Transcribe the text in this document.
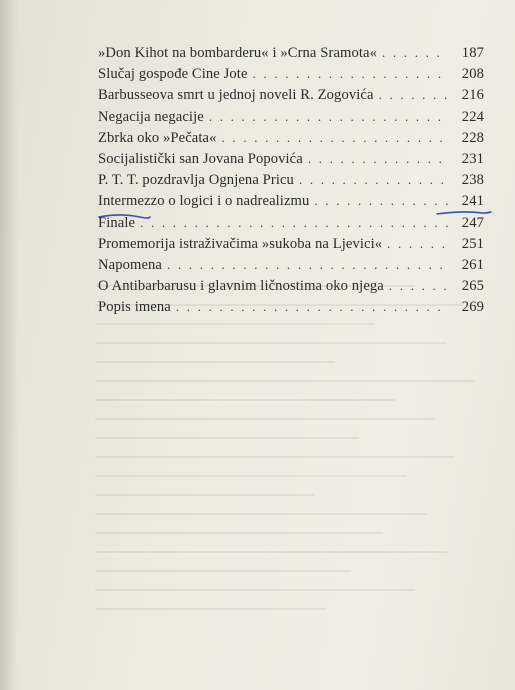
»Don Kihot na bombarderu« i »Crna Sramota« . . .	187
Slučaj gospođe Cine Jote . . .	208
Barbusseova smrt u jednoj noveli R. Zogovića . . .	216
Negacija negacije . . .	224
Zbrka oko »Pečata« . . .	228
Socijalistički san Jovana Popovića . . .	231
P. T. T. pozdravlja Ognjena Pricu . . .	238
Intermezzo o logici i o nadrealizmu . . .	241
Finale . . .	247
Promemorija istraživačima »sukoba na Ljevici« . . .	251
Napomena . . .	261
O Antibarbarusu i glavnim ličnostima oko njega . . .	265
Popis imena . . .	269
